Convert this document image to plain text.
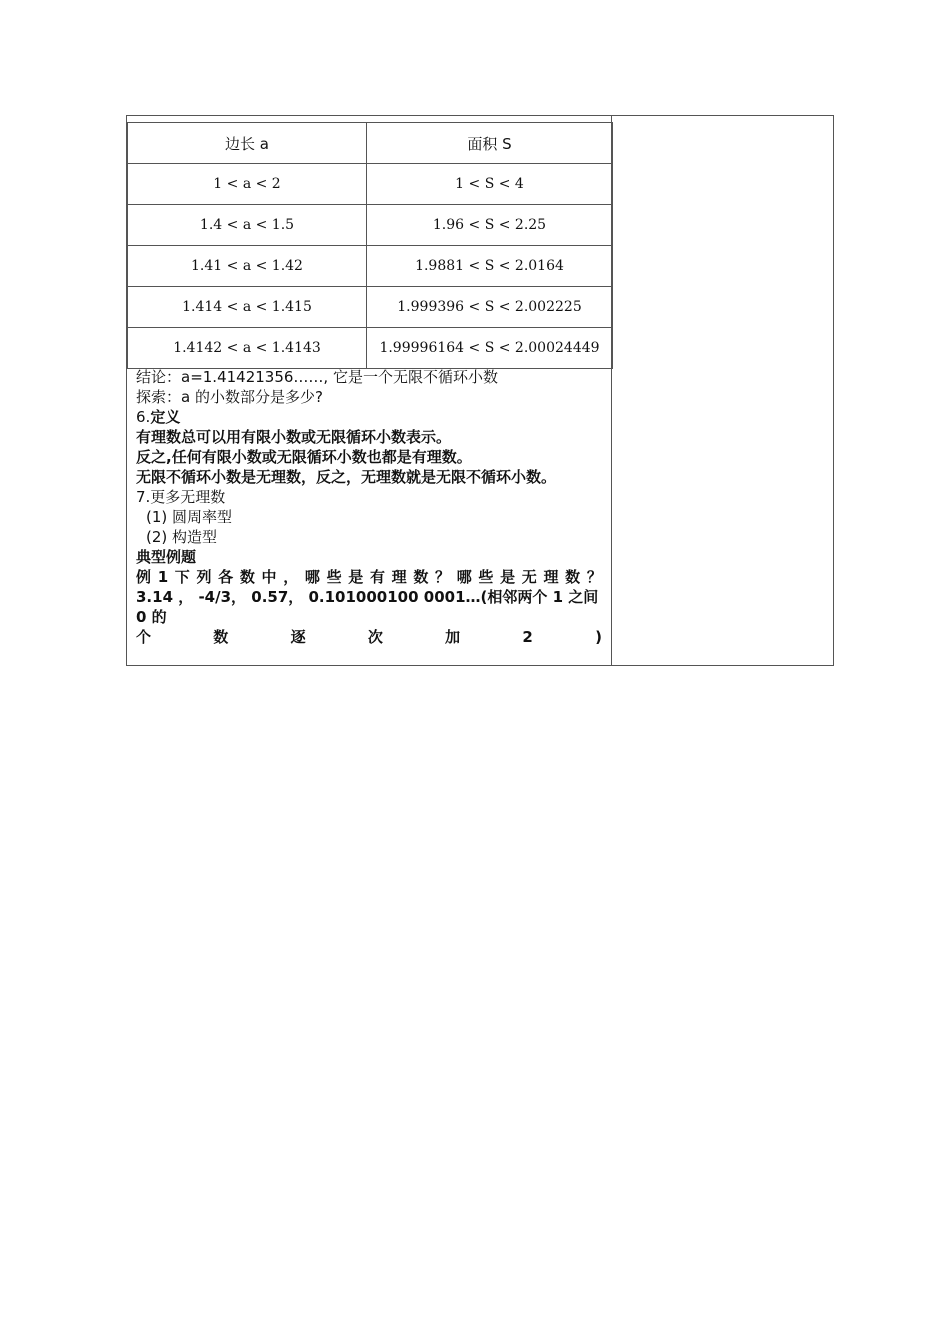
边长 a	面积 S
1 < a < 2	1 < S < 4
1.4 < a < 1.5	1.96 < S < 2.25
1.41 < a < 1.42	1.9881 < S < 2.0164
1.414 < a < 1.415	1.999396 < S < 2.002225
1.4142 < a < 1.4143	1.99996164 < S < 2.00024449

结论：a=1.41421356……, 它是一个无限不循环小数

探索：a 的小数部分是多少?

6.定义

有理数总可以用有限小数或无限循环小数表示。

反之,任何有限小数或无限循环小数也都是有理数。

无限不循环小数是无理数，反之，无理数就是无限不循环小数。

7.更多无理数

(1) 圆周率型

(2) 构造型

典型例题

例 1 下 列 各 数 中 ， 哪 些 是 有 理 数 ？ 哪 些 是 无 理 数 ？

3.14 ， -4/3， 0.57， 0.101000100 0001…(相邻两个 1 之间 0 的

个	数	逐	次	加	2	)
